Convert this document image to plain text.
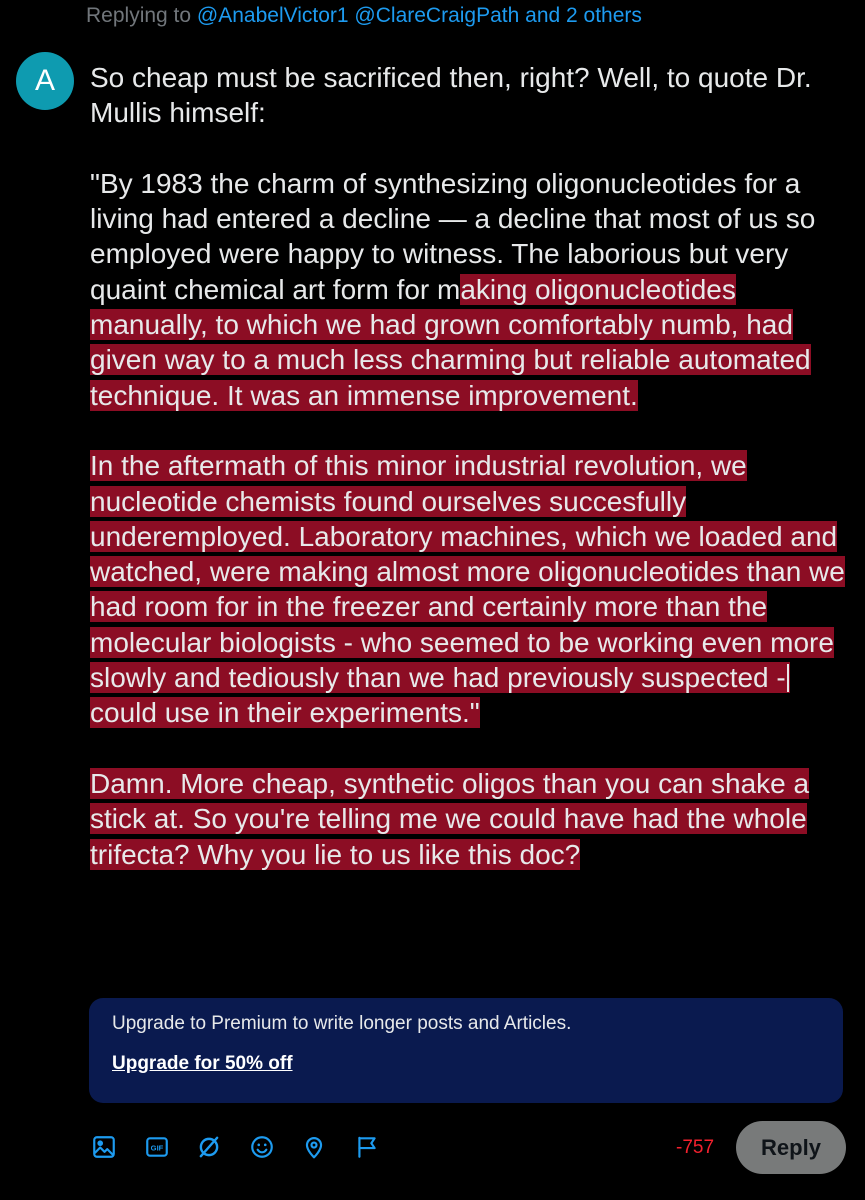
Replying to @AnabelVictor1 @ClareCraigPath and 2 others
A So cheap must be sacrificed then, right? Well, to quote Dr. Mullis himself:

"By 1983 the charm of synthesizing oligonucleotides for a living had entered a decline — a decline that most of us so employed were happy to witness. The laborious but very quaint chemical art form for making oligonucleotides manually, to which we had grown comfortably numb, had given way to a much less charming but reliable automated technique. It was an immense improvement.

In the aftermath of this minor industrial revolution, we nucleotide chemists found ourselves succesfully underemployed. Laboratory machines, which we loaded and watched, were making almost more oligonucleotides than we had room for in the freezer and certainly more than the molecular biologists - who seemed to be working even more slowly and tediously than we had previously suspected - could use in their experiments."

Damn. More cheap, synthetic oligos than you can shake a stick at. So you're telling me we could have had the whole trifecta? Why you lie to us like this doc?

Upgrade to Premium to write longer posts and Articles.
Upgrade for 50% off
GIF	-757	Reply
